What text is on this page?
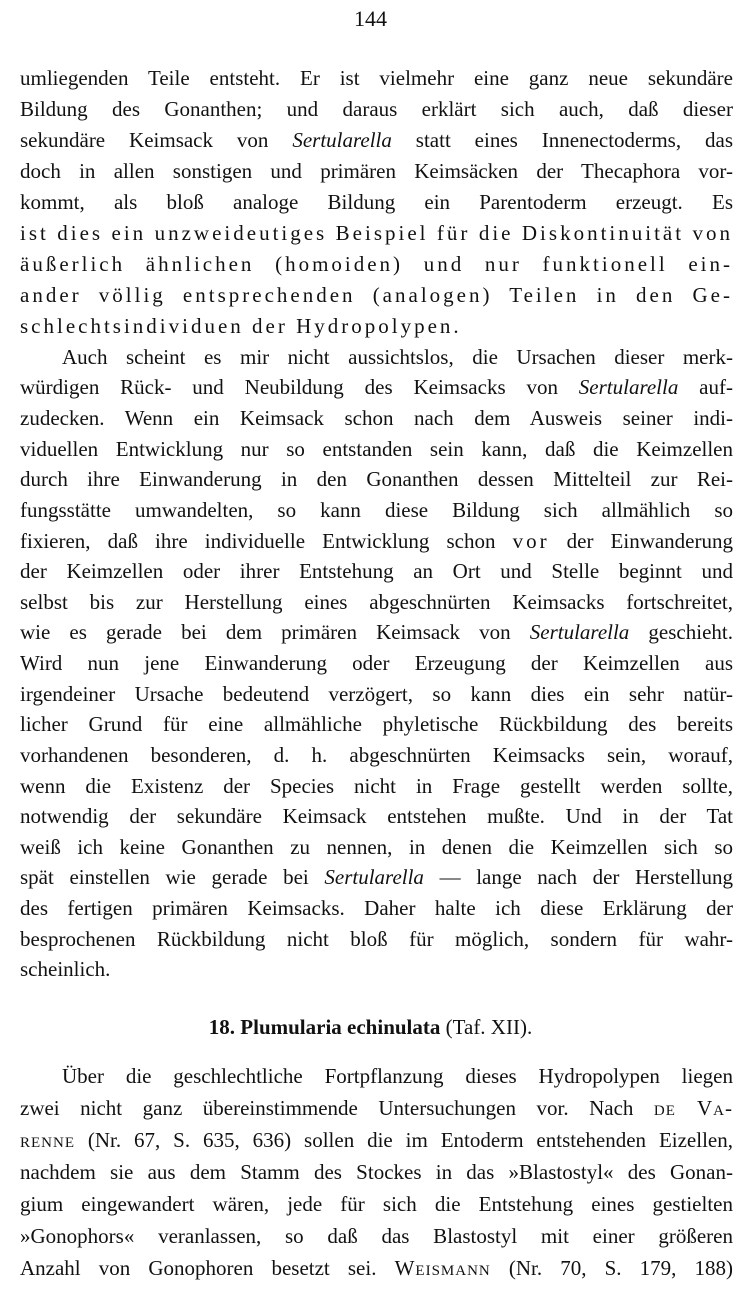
144
umliegenden Teile entsteht. Er ist vielmehr eine ganz neue sekundäre
Bildung des Gonanthen; und daraus erklärt sich auch, daß dieser
sekundäre Keimsack von Sertularella statt eines Innenectoderms, das
doch in allen sonstigen und primären Keimsäcken der Thecaphora vor-
kommt, als bloß analoge Bildung ein Parentoderm erzeugt. Es
ist dies ein unzweideutiges Beispiel für die Diskontinuität von
äußerlich ähnlichen (homoiden) und nur funktionell ein-
ander völlig entsprechenden (analogen) Teilen in den Ge-
schlechtsindividuen der Hydropolypen.
Auch scheint es mir nicht aussichtslos, die Ursachen dieser merk-
würdigen Rück- und Neubildung des Keimsacks von Sertularella auf-
zudecken. Wenn ein Keimsack schon nach dem Ausweis seiner indi-
viduellen Entwicklung nur so entstanden sein kann, daß die Keimzellen
durch ihre Einwanderung in den Gonanthen dessen Mittelteil zur Rei-
fungsstätte umwandelten, so kann diese Bildung sich allmählich so
fixieren, daß ihre individuelle Entwicklung schon vor der Einwanderung
der Keimzellen oder ihrer Entstehung an Ort und Stelle beginnt und
selbst bis zur Herstellung eines abgeschnürten Keimsacks fortschreitet,
wie es gerade bei dem primären Keimsack von Sertularella geschieht.
Wird nun jene Einwanderung oder Erzeugung der Keimzellen aus
irgendeiner Ursache bedeutend verzögert, so kann dies ein sehr natür-
licher Grund für eine allmähliche phyletische Rückbildung des bereits
vorhandenen besonderen, d. h. abgeschnürten Keimsacks sein, worauf,
wenn die Existenz der Species nicht in Frage gestellt werden sollte,
notwendig der sekundäre Keimsack entstehen mußte. Und in der Tat
weiß ich keine Gonanthen zu nennen, in denen die Keimzellen sich so
spät einstellen wie gerade bei Sertularella — lange nach der Herstellung
des fertigen primären Keimsacks. Daher halte ich diese Erklärung der
besprochenen Rückbildung nicht bloß für möglich, sondern für wahr-
scheinlich.
18. Plumularia echinulata (Taf. XII).
Über die geschlechtliche Fortpflanzung dieses Hydropolypen liegen
zwei nicht ganz übereinstimmende Untersuchungen vor. Nach de Va-
renne (Nr. 67, S. 635, 636) sollen die im Entoderm entstehenden Eizellen,
nachdem sie aus dem Stamm des Stockes in das »Blastostyl« des Gonan-
gium eingewandert wären, jede für sich die Entstehung eines gestielten
»Gonophors« veranlassen, so daß das Blastostyl mit einer größeren
Anzahl von Gonophoren besetzt sei. Weismann (Nr. 70, S. 179, 188)
